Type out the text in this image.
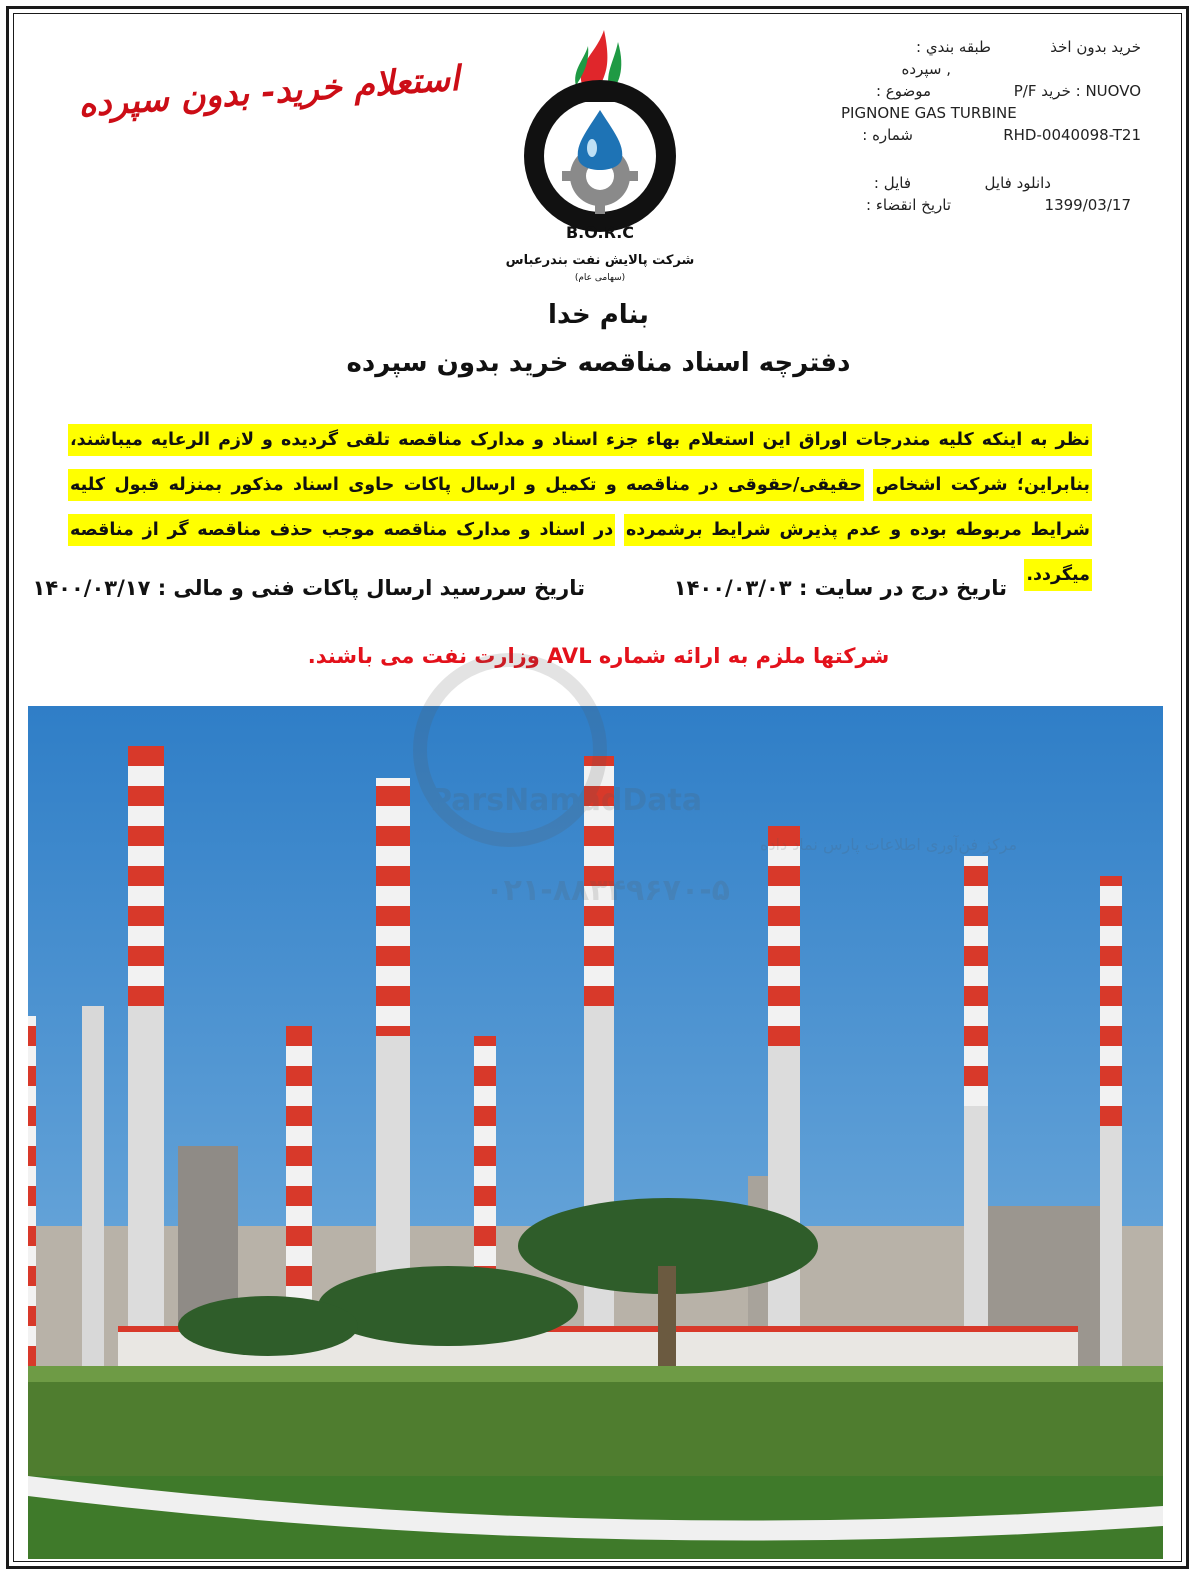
استعلام خرید- بدون سپرده
B.O.R.C
شرکت پالایش نفت بندرعباس
(سهامی عام)
خريد بدون اخذ
طبقه بندي :
, سپرده
P/F خريد : NUOVO
موضوع :
PIGNONE GAS TURBINE
RHD-0040098-T21
شماره :
دانلود فايل
فايل :
1399/03/17
تاريخ انقضاء :
بنام خدا
دفترچه اسناد مناقصه خرید بدون سپرده
نظر به اینکه کلیه مندرجات اوراق این استعلام بهاء جزء اسناد و مدارک مناقصه تلقی گردیده و لازم الرعایه میباشند، بنابراین؛ شرکت اشخاص حقیقی/حقوقی در مناقصه و تکمیل و ارسال پاکات حاوی اسناد مذکور بمنزله قبول کلیه شرایط مربوطه بوده و عدم پذیرش شرایط برشمرده در اسناد و مدارک مناقصه موجب حذف مناقصه گر از مناقصه میگردد.
تاریخ درج در سایت : ۱۴۰۰/۰۳/۰۳
تاریخ سررسید ارسال پاکات فنی و مالی : ۱۴۰۰/۰۳/۱۷
شرکتها ملزم به ارائه شماره AVL وزارت نفت می باشند.
